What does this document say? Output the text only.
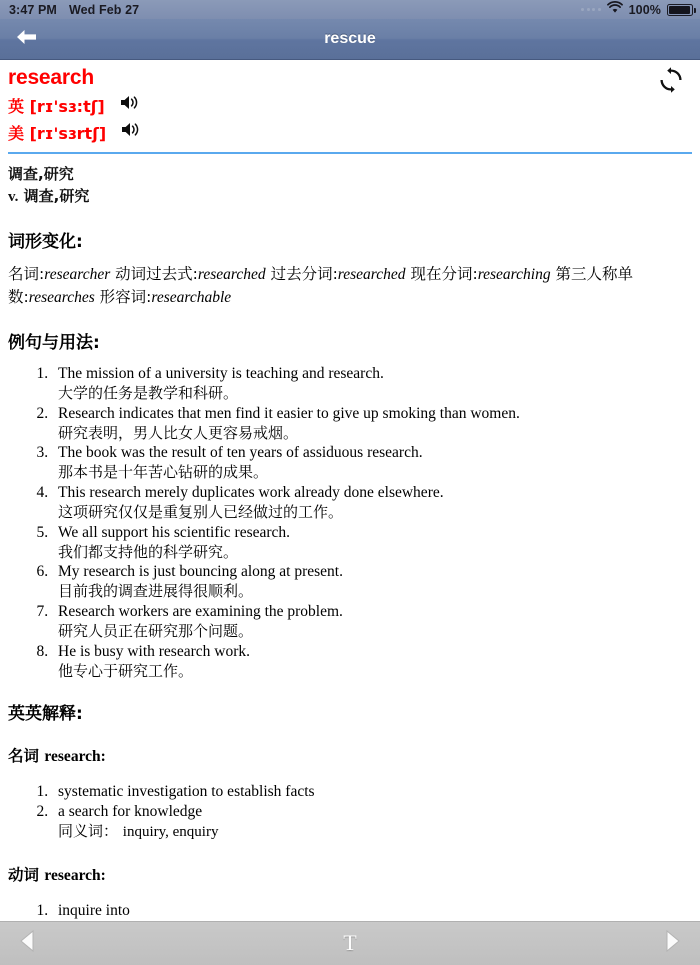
3:47 PM Wed Feb 27	100%
rescue
research
英 [rɪ'sɜ:tʃ]
美 [rɪ'sɜrtʃ]
调查,研究
v. 调查,研究
词形变化:
名词:researcher 动词过去式:researched 过去分词:researched 现在分词:researching 第三人称单数:researches 形容词:researchable
例句与用法:
1. The mission of a university is teaching and research.
大学的任务是教学和科研。
2. Research indicates that men find it easier to give up smoking than women.
研究表明，男人比女人更容易戒烟。
3. The book was the result of ten years of assiduous research.
那本书是十年苦心钻研的成果。
4. This research merely duplicates work already done elsewhere.
这项研究仅仅是重复别人已经做过的工作。
5. We all support his scientific research.
我们都支持他的科学研究。
6. My research is just bouncing along at present.
目前我的调查进展得很顺利。
7. Research workers are examining the problem.
研究人员正在研究那个问题。
8. He is busy with research work.
他专心于研究工作。
英英解释:
名词 research:
1. systematic investigation to establish facts
2. a search for knowledge
同义词： inquiry, enquiry
动词 research:
1. inquire into
T
